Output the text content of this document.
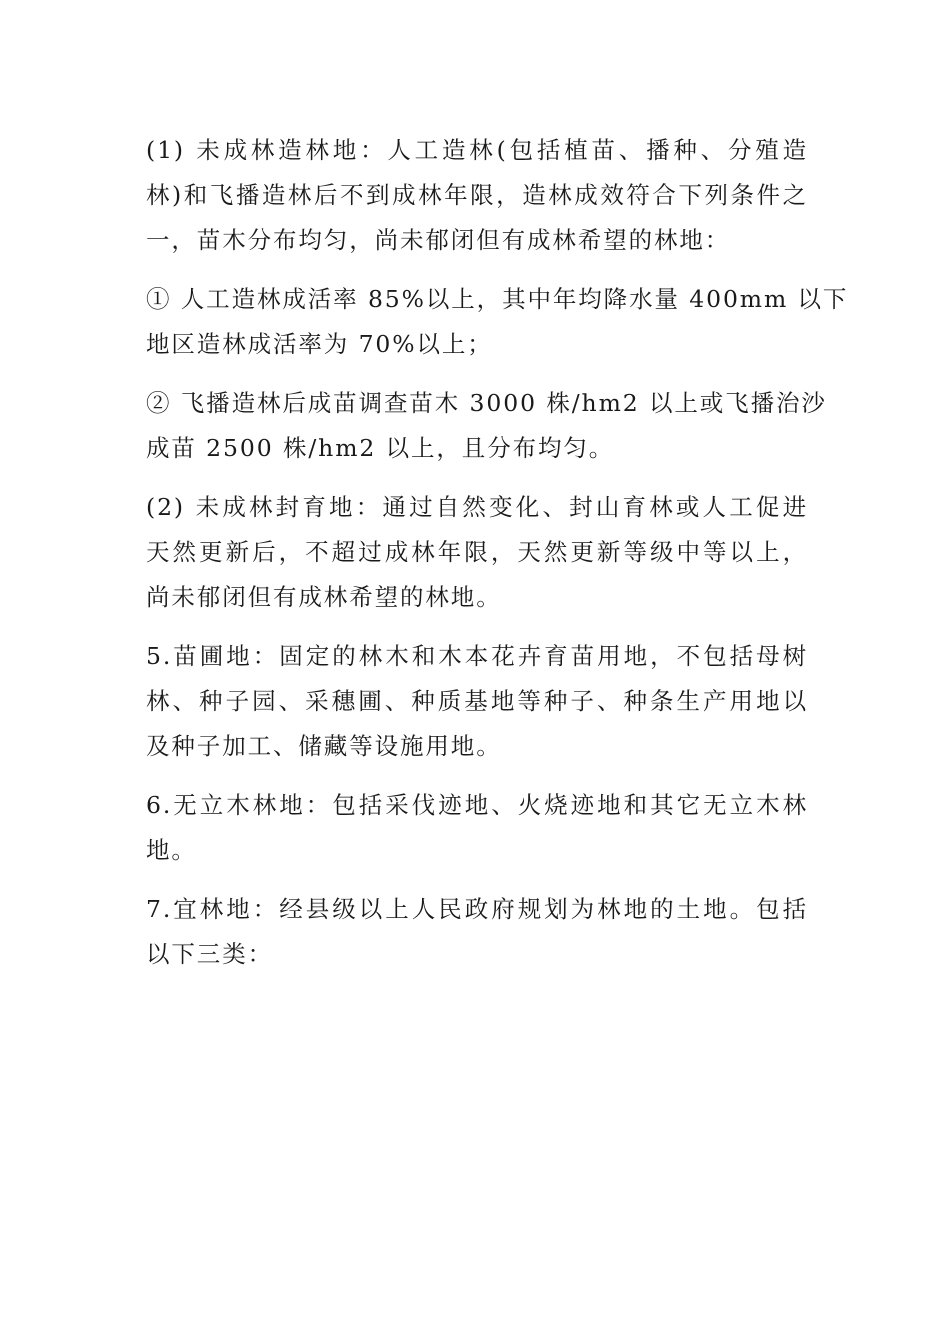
(1) 未成林造林地：人工造林(包括植苗、播种、分殖造
林)和飞播造林后不到成林年限，造林成效符合下列条件之
一，苗木分布均匀，尚未郁闭但有成林希望的林地：
① 人工造林成活率 85%以上，其中年均降水量 400mm 以下
地区造林成活率为 70%以上；
② 飞播造林后成苗调查苗木 3000 株/hm2 以上或飞播治沙
成苗 2500 株/hm2 以上，且分布均匀。
(2) 未成林封育地：通过自然变化、封山育林或人工促进
天然更新后，不超过成林年限，天然更新等级中等以上，
尚未郁闭但有成林希望的林地。
5.苗圃地：固定的林木和木本花卉育苗用地，不包括母树
林、种子园、采穗圃、种质基地等种子、种条生产用地以
及种子加工、储藏等设施用地。
6.无立木林地：包括采伐迹地、火烧迹地和其它无立木林
地。
7.宜林地：经县级以上人民政府规划为林地的土地。包括
以下三类：
